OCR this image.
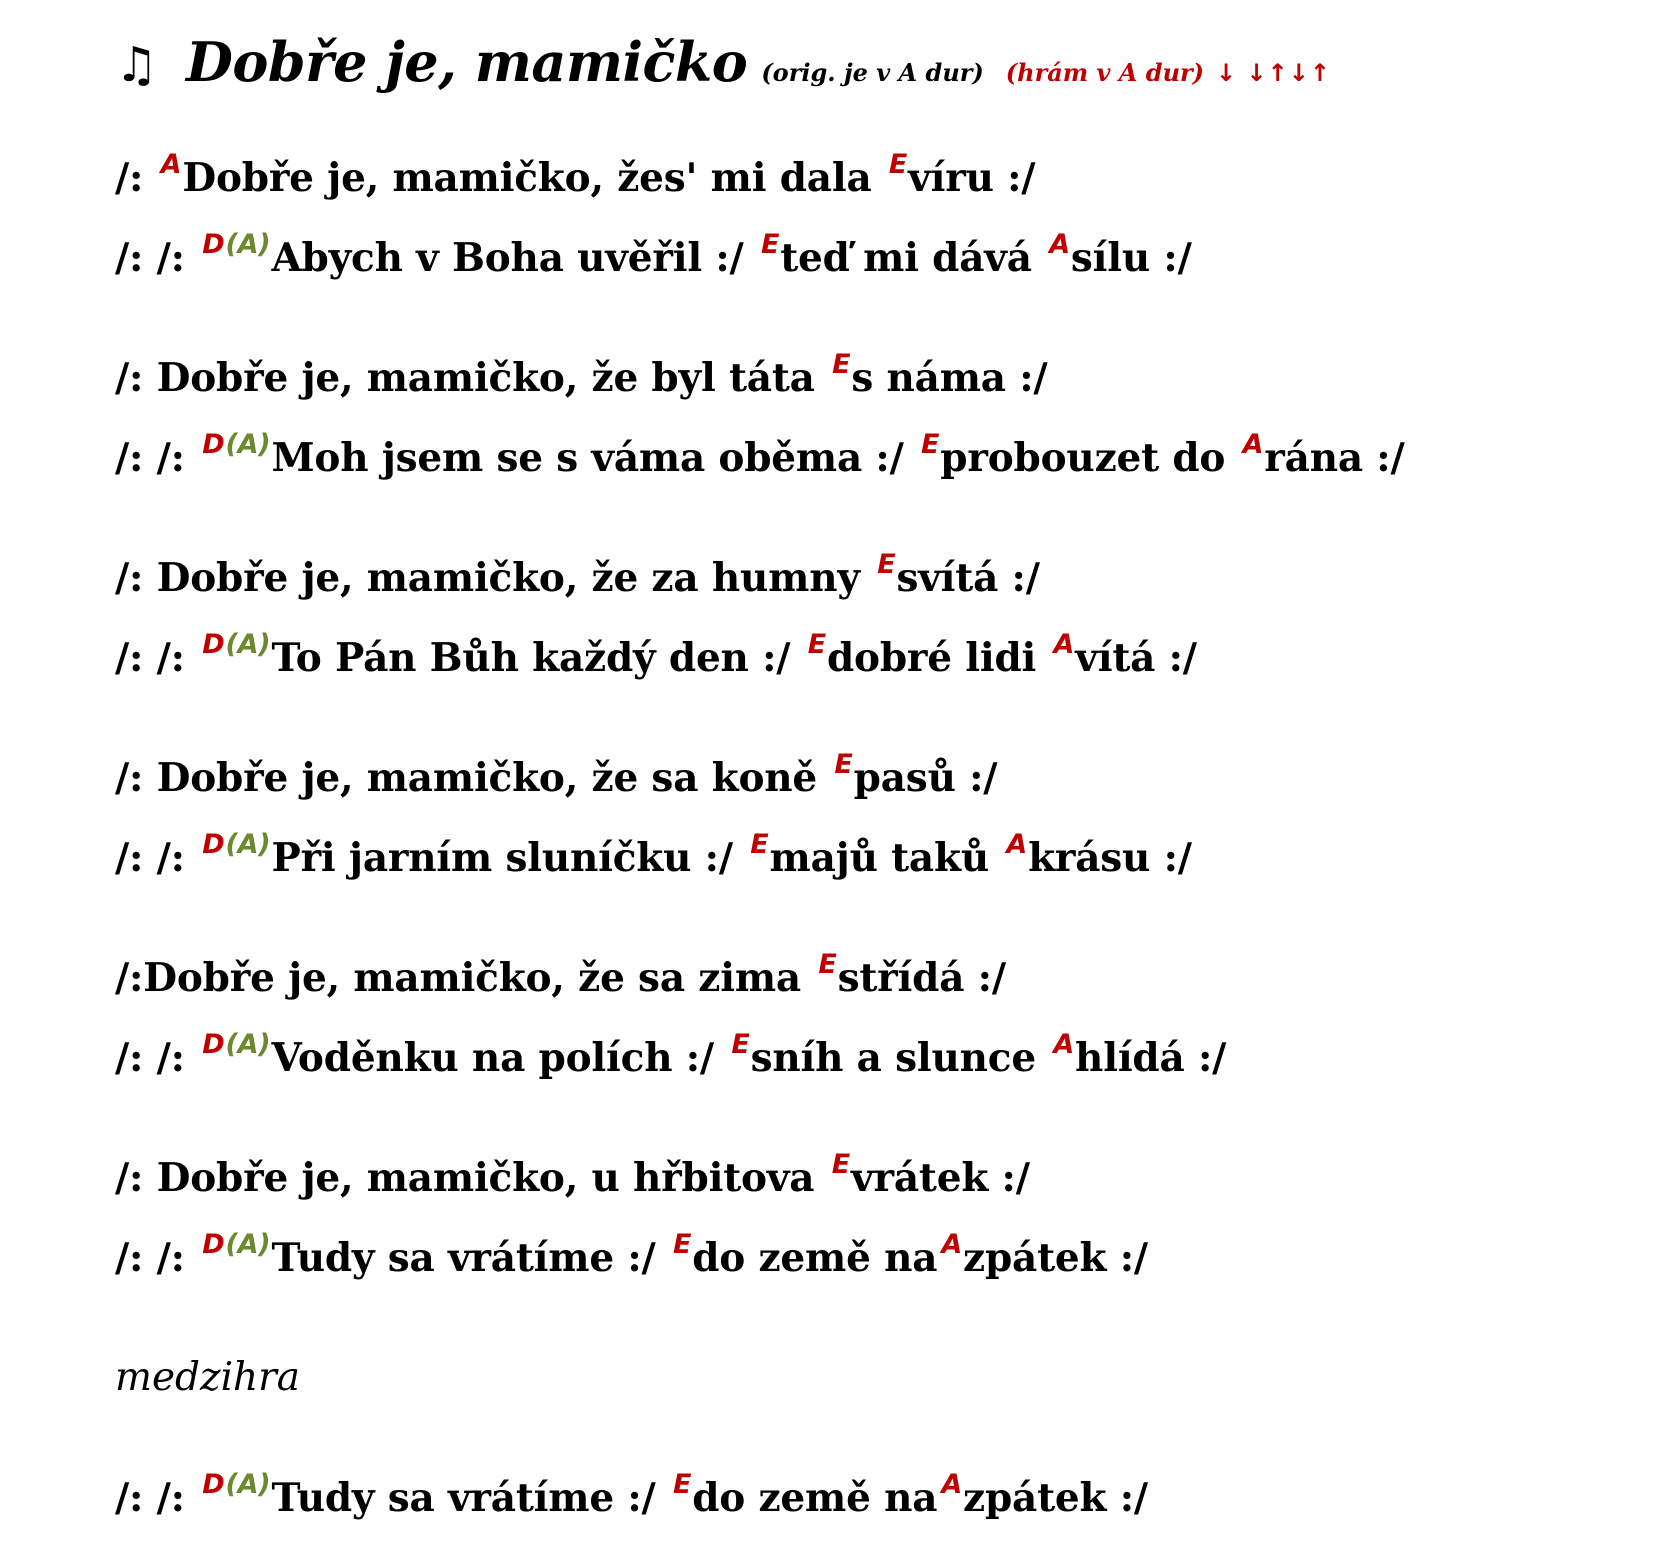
♫ Dobře je, mamičko (orig. je v A dur) (hrám v A dur) ↓ ↓↑↓↑
/: $^A$Dobře je, mamičko, žes' mi dala $^E$víru :/
/: /: $^{D(A)}$Abych v Boha uvěřil :/ $^E$teď mi dává $^A$sílu :/
/: Dobře je, mamičko, že byl táta $^E$s náma :/
/: /: $^{D(A)}$Moh jsem se s váma oběma :/ $^E$probouzet do $^A$rána :/
/: Dobře je, mamičko, že za humny $^E$svítá :/
/: /: $^{D(A)}$To Pán Bůh každý den :/ $^E$dobré lidi $^A$vítá :/
/: Dobře je, mamičko, že sa koně $^E$pasů :/
/: /: $^{D(A)}$Při jarním sluníčku :/ $^E$majů taků $^A$krásu :/
/:Dobře je, mamičko, že sa zima $^E$střídá :/
/: /: $^{D(A)}$Voděnku na polích :/ $^E$sníh a slunce $^A$hlídá :/
/: Dobře je, mamičko, u hřbitova $^E$vrátek :/
/: /: $^{D(A)}$Tudy sa vrátíme :/ $^E$do země na $^A$zpátek :/
medzihra
/: /: $^{D(A)}$Tudy sa vrátíme :/ $^E$do země na $^A$zpátek :/
